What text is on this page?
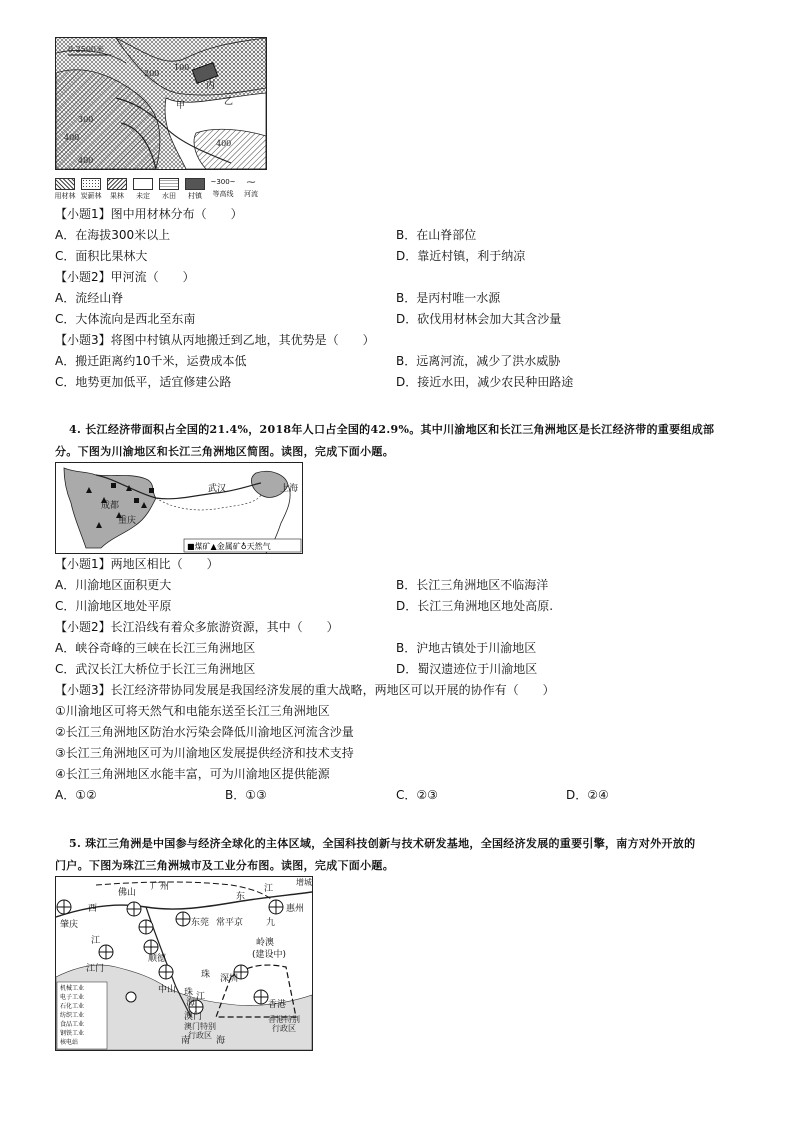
0 2500米
100
200
300
400
400
400
丙
甲	乙
用材林 炭薪林	果林	未定	水田	村镇
~300~
等高线
⁓
河流
【小题1】图中用材林分布（　　）
A．在海拔300米以上	B．在山脊部位
C．面积比果林大	D．靠近村镇，利于纳凉
【小题2】甲河流（　　）
A．流经山脊	B．是丙村唯一水源
C．大体流向是西北至东南	D．砍伐用材林会加大其含沙量
【小题3】将图中村镇从丙地搬迁到乙地，其优势是（　　）
A．搬迁距离约10千米，运费成本低	B．远离河流，减少了洪水威胁
C．地势更加低平，适宜修建公路	D．接近水田，减少农民种田路途
4. 长江经济带面积占全国的21.4%，2018年人口占全国的42.9%。其中川渝地区和长江三角洲地区是长江经济带的重要组成部
分。下图为川渝地区和长江三角洲地区简图。读图，完成下面小题。
成都
重庆
武汉	上海
■煤矿▲金属矿♁天然气
【小题1】两地区相比（　　）
A．川渝地区面积更大	B．长江三角洲地区不临海洋
C．川渝地区地处平原	D．长江三角洲地区地处高原.
【小题2】长江沿线有着众多旅游资源，其中（　　）
A．峡谷奇峰的三峡在长江三角洲地区	B．沪地古镇处于川渝地区
C．武汉长江大桥位于长江三角洲地区	D．蜀汉遗迹位于川渝地区
【小题3】长江经济带协同发展是我国经济发展的重大战略，两地区可以开展的协作有（　　）
①川渝地区可将天然气和电能东送至长江三角洲地区
②长江三角洲地区防治水污染会降低川渝地区河流含沙量
③长江三角洲地区可为川渝地区发展提供经济和技术支持
④长江三角洲地区水能丰富，可为川渝地区提供能源
A．①②	B．①③	C．②③	D．②④
5. 珠江三角洲是中国参与经济全球化的主体区域，全国科技创新与技术研发基地，全国经济发展的重要引擎，南方对外开放的
门户。下图为珠江三角洲城市及工业分布图。读图，完成下面小题。
广州
佛山
肇庆
西
东
江
惠州
九
京
东莞 常平
顺德
江
江门
岭澳
(建设中)
深圳
珠
中山 珠
海
江
香港
澳门
澳门特别
行政区
香港特别
行政区
南	海
增城
机械工业
电子工业
石化工业
纺织工业
食品工业
钢铁工业
核电站
